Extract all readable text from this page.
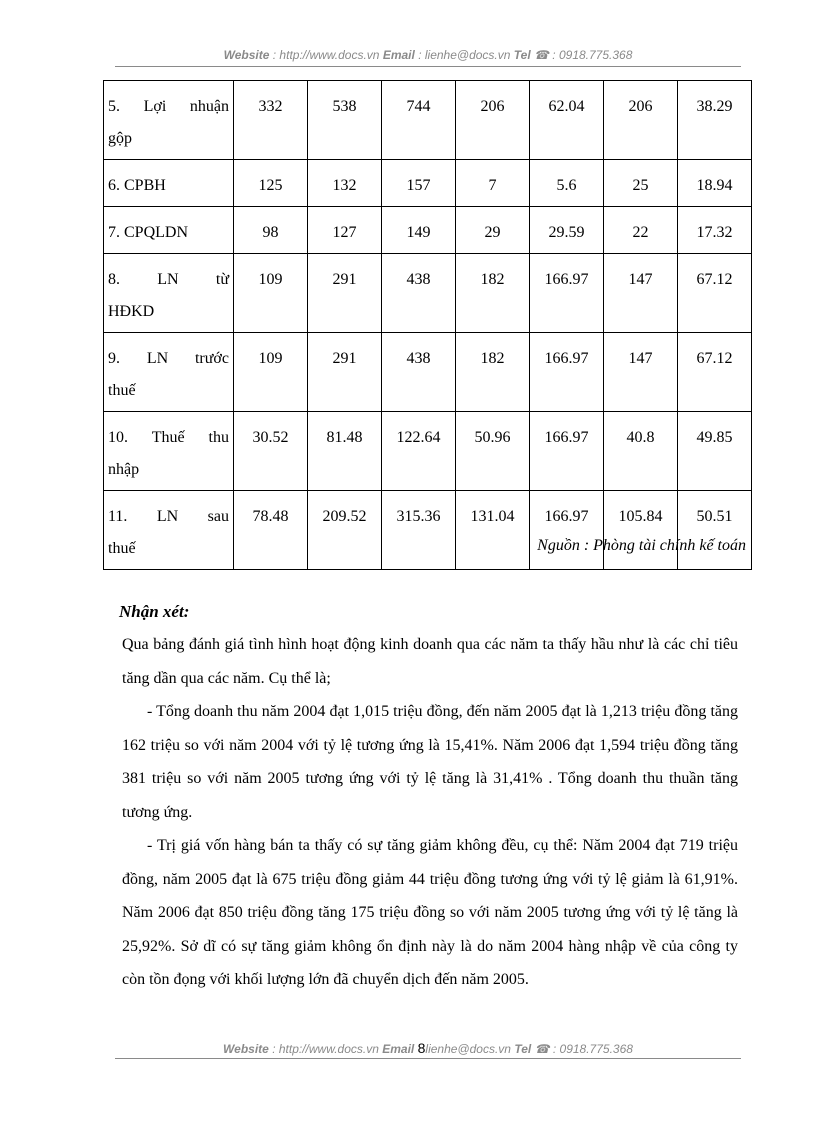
Website : http://www.docs.vn Email : lienhe@docs.vn Tel ☎ : 0918.775.368
5. Lợi nhuận
gộp	332	538	744	206	62.04	206	38.29

6. CPBH	125	132	157	7	5.6	25	18.94

7. CPQLDN	98	127	149	29	29.59	22	17.32

8. LN từ
HĐKD	109	291	438	182	166.97	147	67.12

9. LN trước
thuế	109	291	438	182	166.97	147	67.12

10. Thuế thu
nhập	30.52	81.48	122.64	50.96	166.97	40.8	49.85

11. LN sau
thuế	78.48	209.52	315.36	131.04	166.97	105.84	50.51
Nguồn : Phòng tài chính kế toán
Nhận xét:

Qua bảng đánh giá tình hình hoạt động kinh doanh qua các năm ta thấy hầu như là các chỉ tiêu tăng dần qua các năm. Cụ thể là;

- Tổng doanh thu năm 2004 đạt 1,015 triệu đồng, đến năm 2005 đạt là 1,213 triệu đồng tăng 162 triệu so với năm 2004 với tỷ lệ tương ứng là 15,41%. Năm 2006 đạt 1,594 triệu đồng tăng 381 triệu so với năm 2005 tương ứng với tỷ lệ tăng là 31,41% . Tổng doanh thu thuần tăng tương ứng.

- Trị giá vốn hàng bán ta thấy có sự tăng giảm không đều, cụ thể: Năm 2004 đạt 719 triệu đồng, năm 2005 đạt là 675 triệu đồng giảm 44 triệu đồng tương ứng với tỷ lệ giảm là 61,91%. Năm 2006 đạt 850 triệu đồng tăng 175 triệu đồng so với năm 2005 tương ứng với tỷ lệ tăng là 25,92%. Sở dĩ có sự tăng giảm không ổn định này là do năm 2004 hàng nhập về của công ty còn tồn đọng với khối lượng lớn đã chuyển dịch đến năm 2005.

Website : http://www.docs.vn Email 8lienhe@docs.vn Tel ☎ : 0918.775.368
